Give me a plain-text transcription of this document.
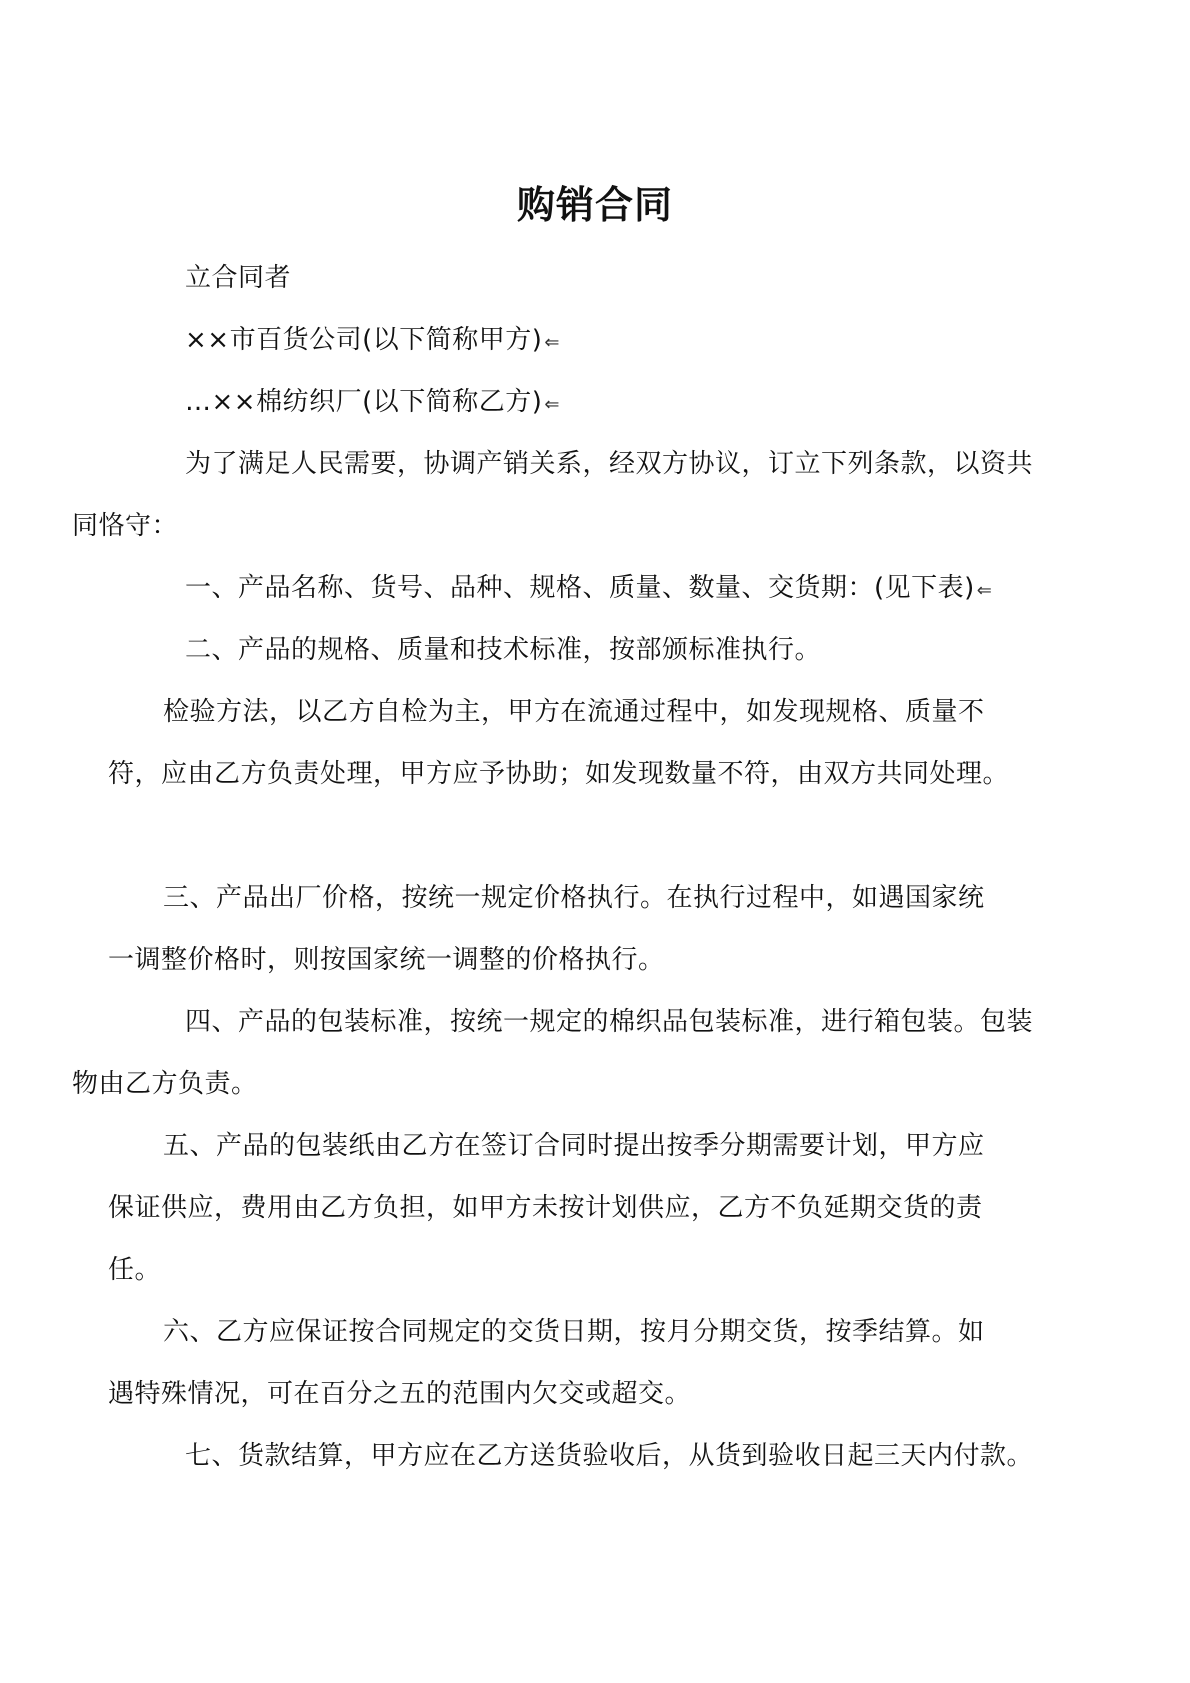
购销合同
立合同者
××市百货公司(以下简称甲方) ⇐
…××棉纺织厂(以下简称乙方) ⇐
为了满足人民需要，协调产销关系，经双方协议，订立下列条款，以资共
同恪守：
一、产品名称、货号、品种、规格、质量、数量、交货期：(见下表) ⇐
二、产品的规格、质量和技术标准，按部颁标准执行。
检验方法，以乙方自检为主，甲方在流通过程中，如发现规格、质量不
符，应由乙方负责处理，甲方应予协助；如发现数量不符，由双方共同处理。
三、产品出厂价格，按统一规定价格执行。在执行过程中，如遇国家统
一调整价格时，则按国家统一调整的价格执行。
四、产品的包装标准，按统一规定的棉织品包装标准，进行箱包装。包装
物由乙方负责。
五、产品的包装纸由乙方在签订合同时提出按季分期需要计划，甲方应
保证供应，费用由乙方负担，如甲方未按计划供应，乙方不负延期交货的责
任。
六、乙方应保证按合同规定的交货日期，按月分期交货，按季结算。如
遇特殊情况，可在百分之五的范围内欠交或超交。
七、货款结算，甲方应在乙方送货验收后，从货到验收日起三天内付款。
